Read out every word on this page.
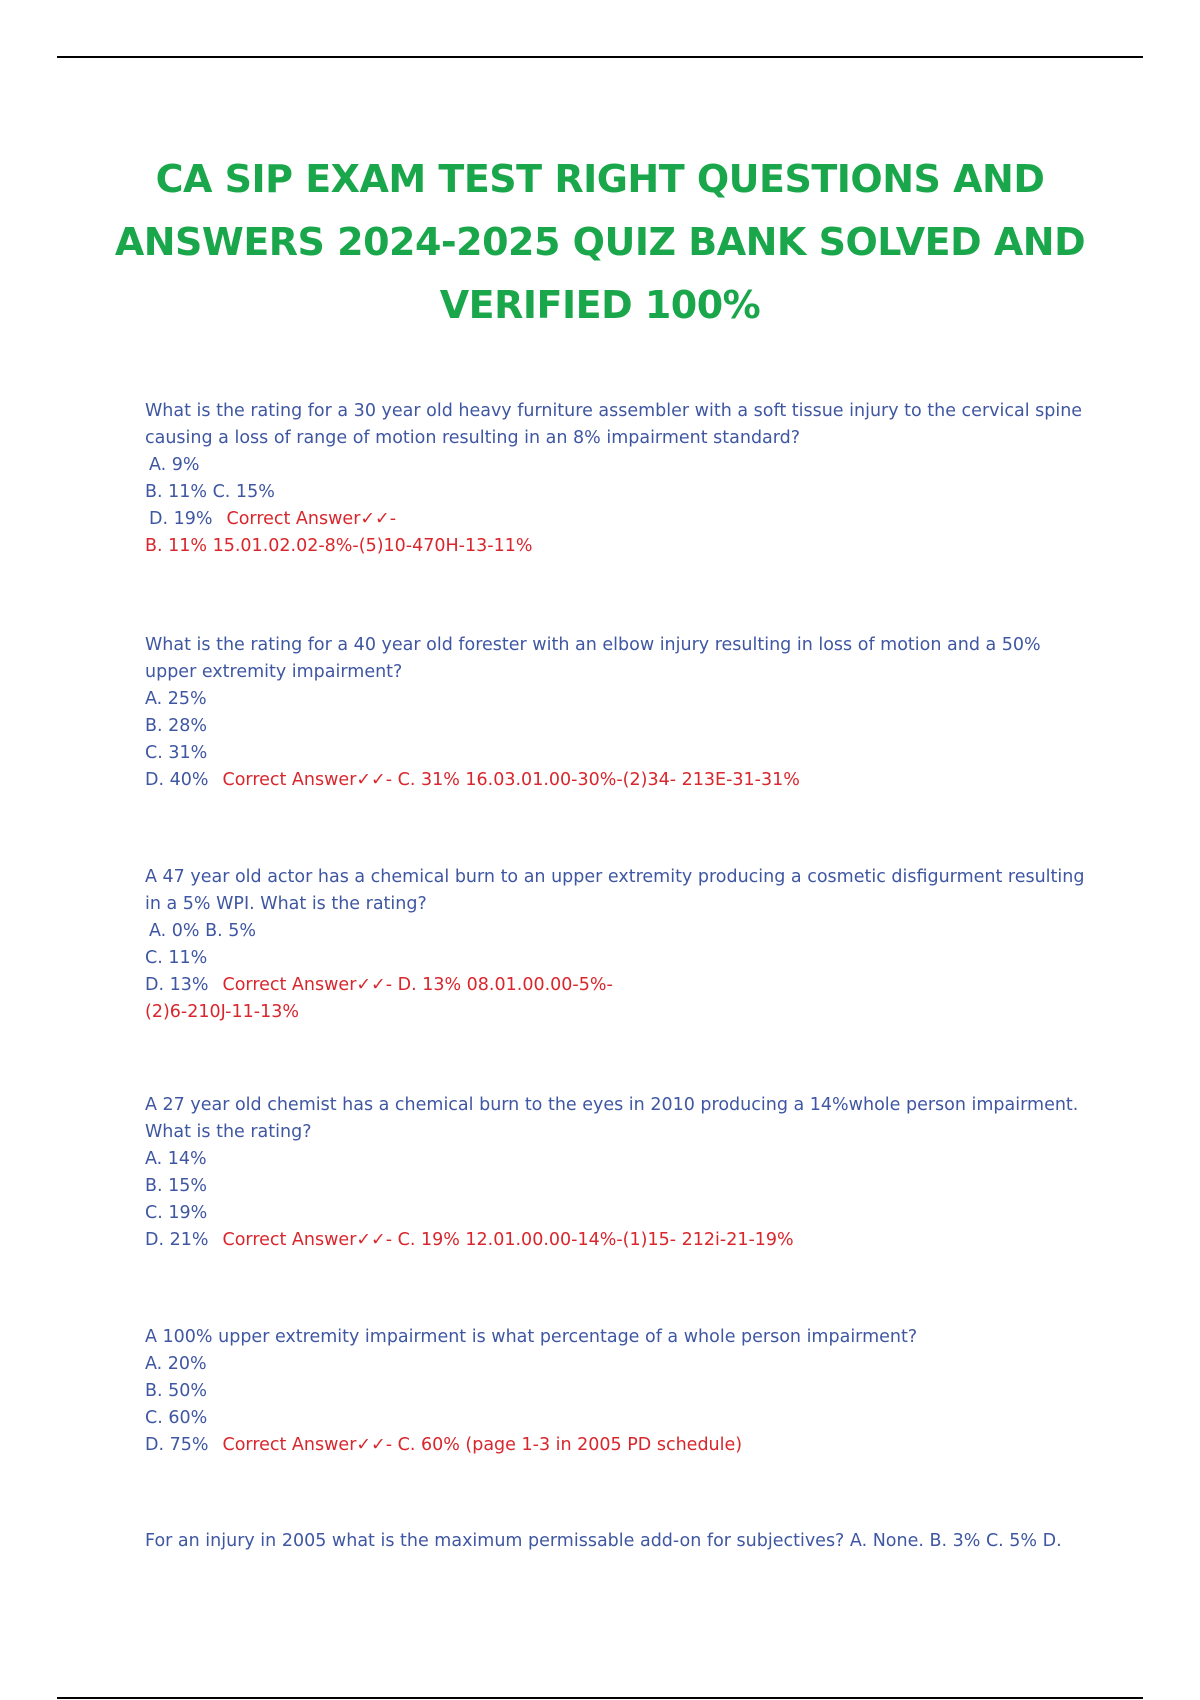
CA SIP EXAM TEST RIGHT QUESTIONS AND ANSWERS 2024-2025 QUIZ BANK SOLVED AND VERIFIED 100%
What is the rating for a 30 year old heavy furniture assembler with a soft tissue injury to the cervical spine causing a loss of range of motion resulting in an 8% impairment standard?
A. 9%
B. 11% C. 15%
D. 19% Correct Answer✓✓-
B. 11% 15.01.02.02-8%-(5)10-470H-13-11%
What is the rating for a 40 year old forester with an elbow injury resulting in loss of motion and a 50% upper extremity impairment?
A. 25%
B. 28%
C. 31%
D. 40% Correct Answer✓✓- C. 31% 16.03.01.00-30%-(2)34- 213E-31-31%
A 47 year old actor has a chemical burn to an upper extremity producing a cosmetic disfigurment resulting in a 5% WPI. What is the rating?
A. 0% B. 5%
C. 11%
D. 13% Correct Answer✓✓- D. 13% 08.01.00.00-5%-
(2)6-210J-11-13%
A 27 year old chemist has a chemical burn to the eyes in 2010 producing a 14%whole person impairment. What is the rating?
A. 14%
B. 15%
C. 19%
D. 21% Correct Answer✓✓- C. 19% 12.01.00.00-14%-(1)15- 212i-21-19%
A 100% upper extremity impairment is what percentage of a whole person impairment?
A. 20%
B. 50%
C. 60%
D. 75% Correct Answer✓✓- C. 60% (page 1-3 in 2005 PD schedule)
For an injury in 2005 what is the maximum permissable add-on for subjectives? A. None. B. 3% C. 5% D.
